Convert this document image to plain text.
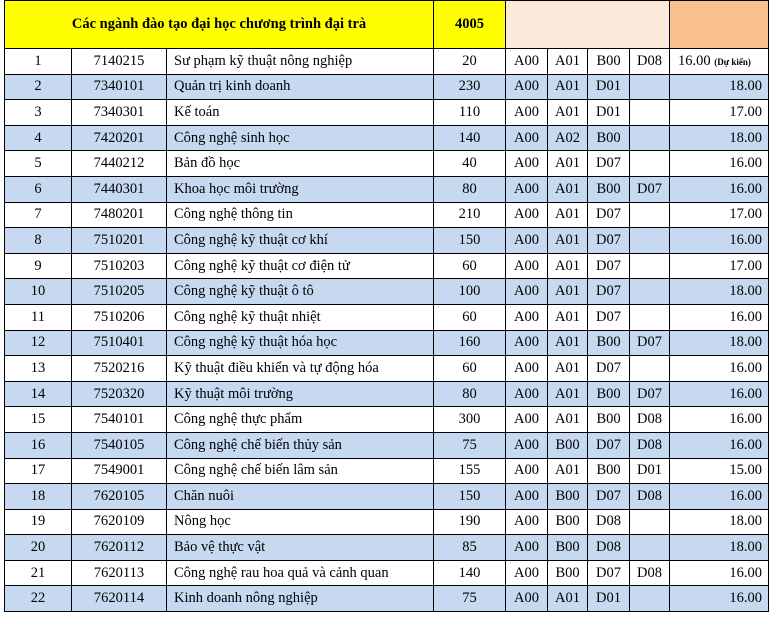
Các ngành đào tạo đại học chương trình đại trà			4005					
1	7140215	Sư phạm kỹ thuật nông nghiệp	20	A00	A01	B00	D08	16.00 (Dự kiến)
2	7340101	Quản trị kinh doanh	230	A00	A01	D01		18.00
3	7340301	Kế toán	110	A00	A01	D01		17.00
4	7420201	Công nghệ sinh học	140	A00	A02	B00		18.00
5	7440212	Bản đồ học	40	A00	A01	D07		16.00
6	7440301	Khoa học môi trường	80	A00	A01	B00	D07	16.00
7	7480201	Công nghệ thông tin	210	A00	A01	D07		17.00
8	7510201	Công nghệ kỹ thuật cơ khí	150	A00	A01	D07		16.00
9	7510203	Công nghệ kỹ thuật cơ điện tử	60	A00	A01	D07		17.00
10	7510205	Công nghệ kỹ thuật ô tô	100	A00	A01	D07		18.00
11	7510206	Công nghệ kỹ thuật nhiệt	60	A00	A01	D07		16.00
12	7510401	Công nghệ kỹ thuật hóa học	160	A00	A01	B00	D07	18.00
13	7520216	Kỹ thuật điều khiển và tự động hóa	60	A00	A01	D07		16.00
14	7520320	Kỹ thuật môi trường	80	A00	A01	B00	D07	16.00
15	7540101	Công nghệ thực phẩm	300	A00	A01	B00	D08	16.00
16	7540105	Công nghệ chế biến thủy sản	75	A00	B00	D07	D08	16.00
17	7549001	Công nghệ chế biến lâm sản	155	A00	A01	B00	D01	15.00
18	7620105	Chăn nuôi	150	A00	B00	D07	D08	16.00
19	7620109	Nông học	190	A00	B00	D08		18.00
20	7620112	Bảo vệ thực vật	85	A00	B00	D08		18.00
21	7620113	Công nghệ rau hoa quả và cảnh quan	140	A00	B00	D07	D08	16.00
22	7620114	Kinh doanh nông nghiệp	75	A00	A01	D01		16.00
